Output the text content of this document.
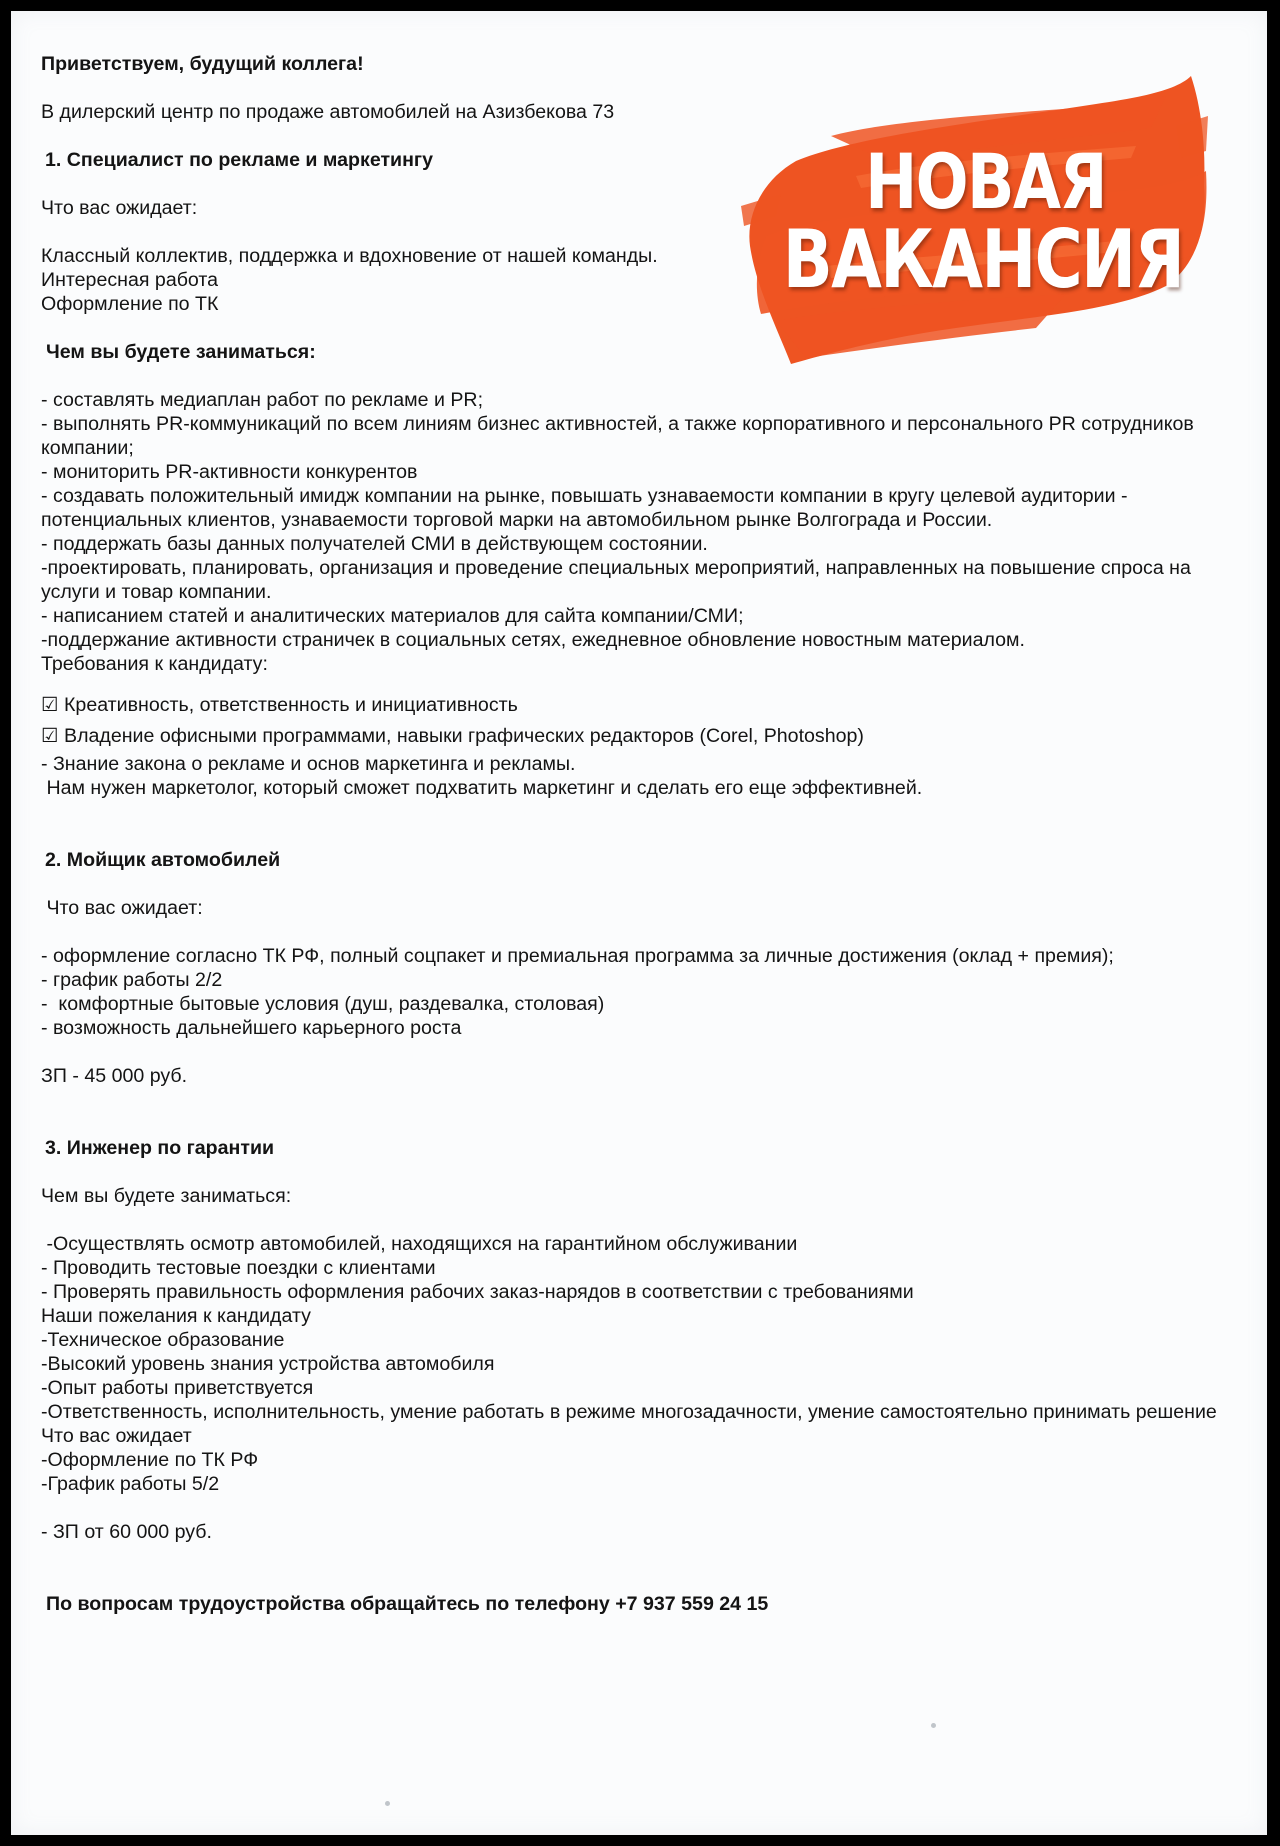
НОВАЯ
ВАКАНСИЯ
Приветствуем, будущий коллега!
В дилерский центр по продаже автомобилей на Азизбекова 73
1. Специалист по рекламе и маркетингу
Что вас ожидает:
Классный коллектив, поддержка и вдохновение от нашей команды.
Интересная работа
Оформление по ТК
Чем вы будете заниматься:
- составлять медиаплан работ по рекламе и PR;
- выполнять PR-коммуникаций по всем линиям бизнес активностей, а также корпоративного и персонального PR сотрудников компании;
- мониторить PR-активности конкурентов
- создавать положительный имидж компании на рынке, повышать узнаваемости компании в кругу целевой аудитории - потенциальных клиентов, узнаваемости торговой марки на автомобильном рынке Волгограда и России.
- поддержать базы данных получателей СМИ в действующем состоянии.
-проектировать, планировать, организация и проведение специальных мероприятий, направленных на повышение спроса на услуги и товар компании.
- написанием статей и аналитических материалов для сайта компании/СМИ;
-поддержание активности страничек в социальных сетях, ежедневное обновление новостным материалом.
Требования к кандидату:
☑ Креативность, ответственность и инициативность
☑ Владение офисными программами, навыки графических редакторов (Corel, Photoshop)
- Знание закона о рекламе и основ маркетинга и рекламы.
Нам нужен маркетолог, который сможет подхватить маркетинг и сделать его еще эффективней.
2. Мойщик автомобилей
Что вас ожидает:
- оформление согласно ТК РФ, полный соцпакет и премиальная программа за личные достижения (оклад + премия);
- график работы 2/2
-  комфортные бытовые условия (душ, раздевалка, столовая)
- возможность дальнейшего карьерного роста
ЗП - 45 000 руб.
3. Инженер по гарантии
Чем вы будете заниматься:
-Осуществлять осмотр автомобилей, находящихся на гарантийном обслуживании
- Проводить тестовые поездки с клиентами
- Проверять правильность оформления рабочих заказ-нарядов в соответствии с требованиями
Наши пожелания к кандидату
-Техническое образование
-Высокий уровень знания устройства автомобиля
-Опыт работы приветствуется
-Ответственность, исполнительность, умение работать в режиме многозадачности, умение самостоятельно принимать решение
Что вас ожидает
-Оформление по ТК РФ
-График работы 5/2
- ЗП от 60 000 руб.
По вопросам трудоустройства обращайтесь по телефону +7 937 559 24 15
